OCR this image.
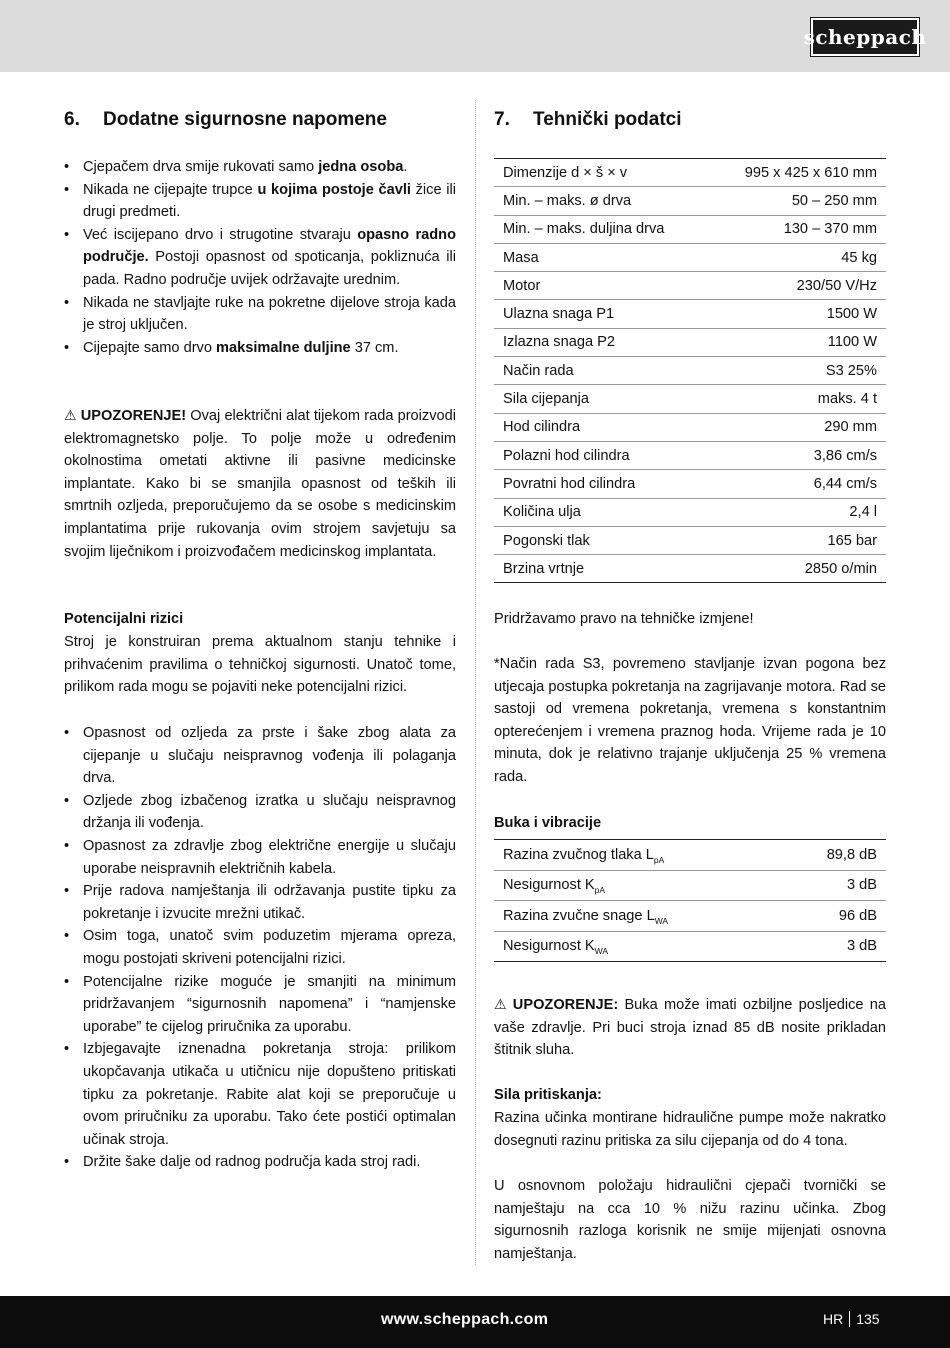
scheppach
6. Dodatne sigurnosne napomene
• Cjepačem drva smije rukovati samo jedna osoba.
• Nikada ne cijepajte trupce u kojima postoje čavli žice ili drugi predmeti.
• Već iscijepano drvo i strugotine stvaraju opasno radno područje. Postoji opasnost od spoticanja, pokliznuća ili pada. Radno područje uvijek održavajte urednim.
• Nikada ne stavljajte ruke na pokretne dijelove stroja kada je stroj uključen.
• Cijepajte samo drvo maksimalne duljine 37 cm.

⚠ UPOZORENJE! Ovaj električni alat tijekom rada proizvodi elektromagnetsko polje. To polje može u određenim okolnostima ometati aktivne ili pasivne medicinske implantate. Kako bi se smanjila opasnost od teških ili smrtnih ozljeda, preporučujemo da se osobe s medicinskim implantatima prije rukovanja ovim strojem savjetuju sa svojim liječnikom i proizvođačem medicinskog implantata.

Potencijalni rizici

Stroj je konstruiran prema aktualnom stanju tehnike i prihvaćenim pravilima o tehničkoj sigurnosti. Unatoč tome, prilikom rada mogu se pojaviti neke potencijalni rizici.

• Opasnost od ozljeda za prste i šake zbog alata za cijepanje u slučaju neispravnog vođenja ili polaganja drva.
• Ozljede zbog izbačenog izratka u slučaju neispravnog držanja ili vođenja.
• Opasnost za zdravlje zbog električne energije u slučaju uporabe neispravnih električnih kabela.
• Prije radova namještanja ili održavanja pustite tipku za pokretanje i izvucite mrežni utikač.
• Osim toga, unatoč svim poduzetim mjerama opreza, mogu postojati skriveni potencijalni rizici.
• Potencijalne rizike moguće je smanjiti na minimum pridržavanjem “sigurnosnih napomena” i “namjenske uporabe” te cijelog priručnika za uporabu.
• Izbjegavajte iznenadna pokretanja stroja: prilikom ukopčavanja utikača u utičnicu nije dopušteno pritiskati tipku za pokretanje. Rabite alat koji se preporučuje u ovom priručniku za uporabu. Tako ćete postići optimalan učinak stroja.
• Držite šake dalje od radnog područja kada stroj radi.
7. Tehnički podatci
Dimenzije d × š × v	995 x 425 x 610 mm
Min. – maks. ø drva	50 – 250 mm
Min. – maks. duljina drva	130 – 370 mm
Masa	45 kg
Motor	230/50 V/Hz
Ulazna snaga P1	1500 W
Izlazna snaga P2	1100 W
Način rada	S3 25%
Sila cijepanja	maks. 4 t
Hod cilindra	290 mm
Polazni hod cilindra	3,86 cm/s
Povratni hod cilindra	6,44 cm/s
Količina ulja	2,4 l
Pogonski tlak	165 bar
Brzina vrtnje	2850 o/min

Pridržavamo pravo na tehničke izmjene!

*Način rada S3, povremeno stavljanje izvan pogona bez utjecaja postupka pokretanja na zagrijavanje motora. Rad se sastoji od vremena pokretanja, vremena s konstantnim opterećenjem i vremena praznog hoda. Vrijeme rada je 10 minuta, dok je relativno trajanje uključenja 25 % vremena rada.

Buka i vibracije

Razina zvučnog tlaka $L_{pA}$	89,8 dB
Nesigurnost $K_{pA}$	3 dB
Razina zvučne snage $L_{WA}$	96 dB
Nesigurnost $K_{WA}$	3 dB

⚠ UPOZORENJE: Buka može imati ozbiljne posljedice na vaše zdravlje. Pri buci stroja iznad 85 dB nosite prikladan štitnik sluha.

Sila pritiskanja:

Razina učinka montirane hidraulične pumpe može nakratko dosegnuti razinu pritiska za silu cijepanja od do 4 tona.

U osnovnom položaju hidraulični cjepači tvornički se namještaju na cca 10 % nižu razinu učinka. Zbog sigurnosnih razloga korisnik ne smije mijenjati osnovna namještanja.

www.scheppach.com	HR 135
